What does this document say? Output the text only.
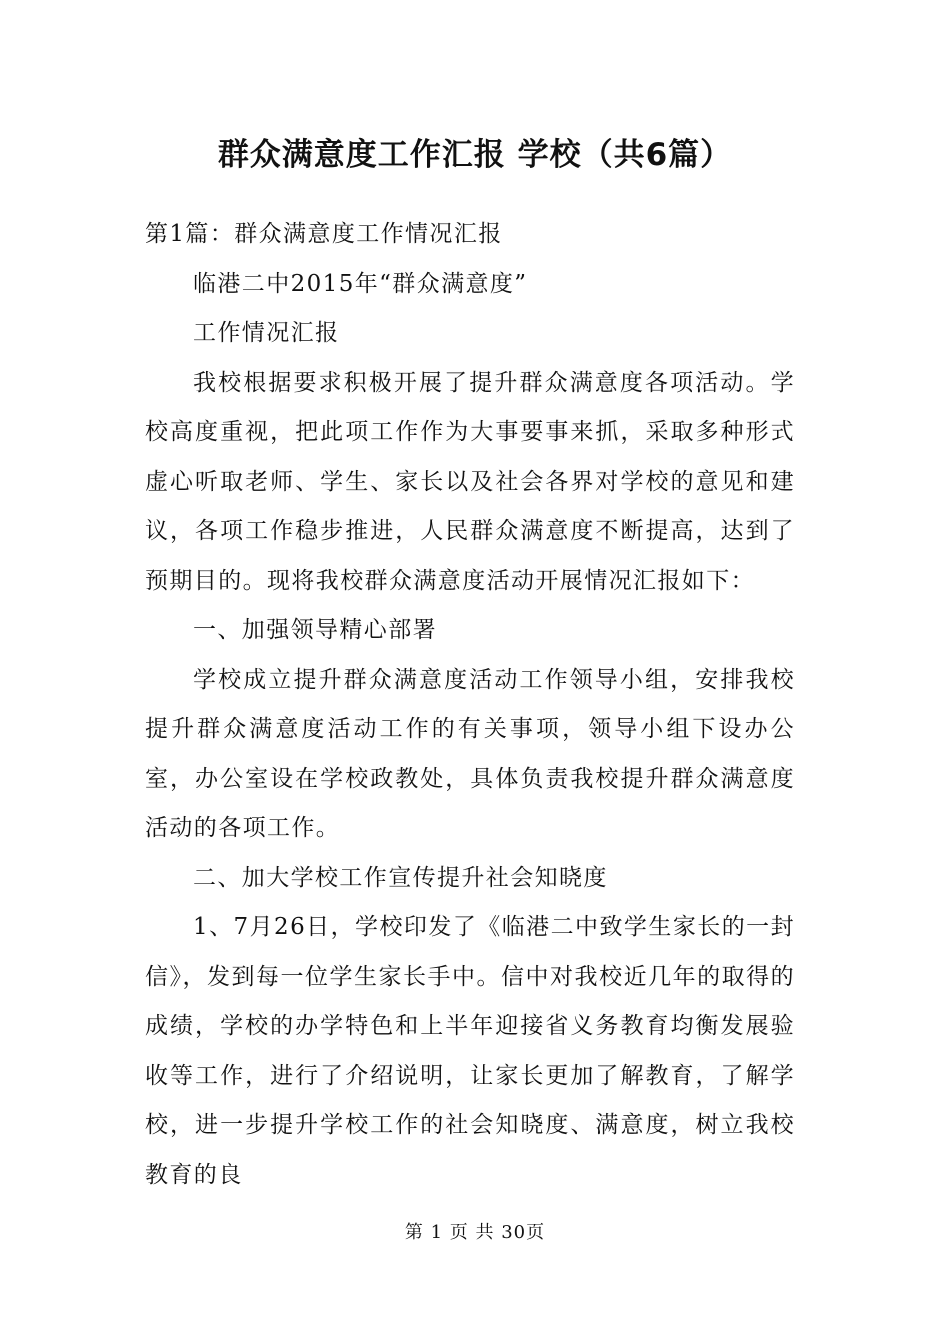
群众满意度工作汇报 学校（共6篇）

第1篇：群众满意度工作情况汇报

临港二中2015年“群众满意度”

工作情况汇报

我校根据要求积极开展了提升群众满意度各项活动。学校高度重视，把此项工作作为大事要事来抓，采取多种形式虚心听取老师、学生、家长以及社会各界对学校的意见和建议，各项工作稳步推进，人民群众满意度不断提高，达到了预期目的。现将我校群众满意度活动开展情况汇报如下：

一、加强领导精心部署

学校成立提升群众满意度活动工作领导小组，安排我校提升群众满意度活动工作的有关事项，领导小组下设办公室，办公室设在学校政教处，具体负责我校提升群众满意度活动的各项工作。

二、加大学校工作宣传提升社会知晓度

1、7月26日，学校印发了《临港二中致学生家长的一封信》，发到每一位学生家长手中。信中对我校近几年的取得的成绩，学校的办学特色和上半年迎接省义务教育均衡发展验收等工作，进行了介绍说明，让家长更加了解教育，了解学校，进一步提升学校工作的社会知晓度、满意度，树立我校教育的良

第 1 页 共 30页
